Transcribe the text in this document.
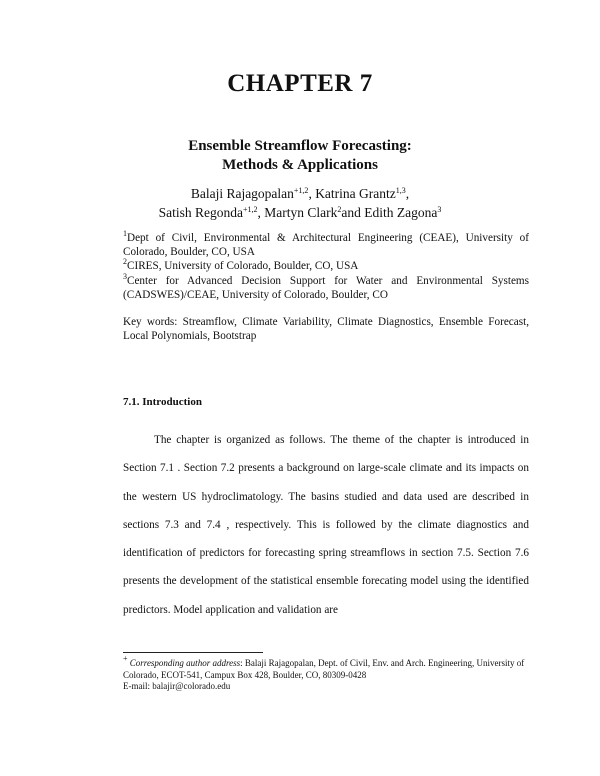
CHAPTER 7
Ensemble Streamflow Forecasting:
Methods & Applications
Balaji Rajagopalan$^{+1,2}$, Katrina Grantz$^{1,3}$,
Satish Regonda$^{+1,2}$, Martyn Clark$^2$and Edith Zagona$^3$

$^1$Dept of Civil, Environmental & Architectural Engineering (CEAE), University of Colorado, Boulder, CO, USA

$^2$CIRES, University of Colorado, Boulder, CO, USA

$^3$Center for Advanced Decision Support for Water and Environmental Systems (CADSWES)/CEAE, University of Colorado, Boulder, CO

Key words: Streamflow, Climate Variability, Climate Diagnostics, Ensemble Forecast, Local Polynomials, Bootstrap
7.1. Introduction
The chapter is organized as follows. The theme of the chapter is introduced in Section 7.1 . Section 7.2 presents a background on large-scale climate and its impacts on the western US hydroclimatology. The basins studied and data used are described in sections 7.3 and 7.4 , respectively. This is followed by the climate diagnostics and identification of predictors for forecasting spring streamflows in section 7.5. Section 7.6 presents the development of the statistical ensemble forecating model using the identified predictors. Model application and validation are

+ Corresponding author address: Balaji Rajagopalan, Dept. of Civil, Env. and Arch. Engineering, University of Colorado, ECOT-541, Campux Box 428, Boulder, CO, 80309-0428

E-mail: balajir@colorado.edu
